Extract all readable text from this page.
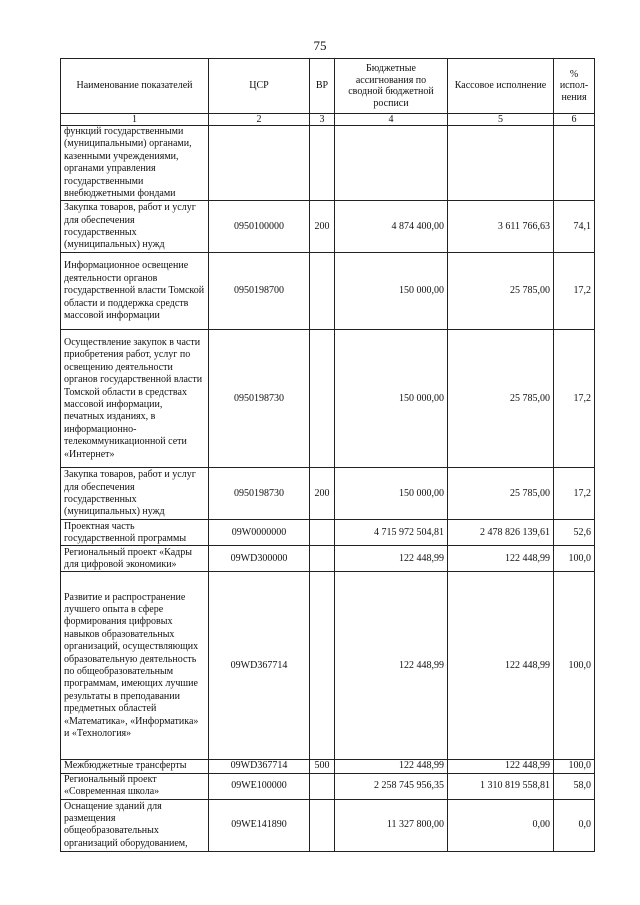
75
Наименование показателей	ЦСР	ВР	Бюджетные ассигнования по сводной бюджетной росписи	Кассовое исполнение	% испол-нения
1	2	3	4	5	6
функций государственными (муниципальными) органами, казенными учреждениями, органами управления государственными внебюджетными фондами					
Закупка товаров, работ и услуг для обеспечения государственных (муниципальных) нужд	0950100000	200	4 874 400,00	3 611 766,63	74,1
Информационное освещение деятельности органов государственной власти Томской области и поддержка средств массовой информации	0950198700		150 000,00	25 785,00	17,2
Осуществление закупок в части приобретения работ, услуг по освещению деятельности органов государственной власти Томской области в средствах массовой информации, печатных изданиях, в информационно-телекоммуникационной сети «Интернет»	0950198730		150 000,00	25 785,00	17,2
Закупка товаров, работ и услуг для обеспечения государственных (муниципальных) нужд	0950198730	200	150 000,00	25 785,00	17,2
Проектная часть государственной программы	09W0000000		4 715 972 504,81	2 478 826 139,61	52,6
Региональный проект «Кадры для цифровой экономики»	09WD300000		122 448,99	122 448,99	100,0
Развитие и распространение лучшего опыта в сфере формирования цифровых навыков образовательных организаций, осуществляющих образовательную деятельность по общеобразовательным программам, имеющих лучшие результаты в преподавании предметных областей «Математика», «Информатика» и «Технология»	09WD367714		122 448,99	122 448,99	100,0
Межбюджетные трансферты	09WD367714	500	122 448,99	122 448,99	100,0
Региональный проект «Современная школа»	09WE100000		2 258 745 956,35	1 310 819 558,81	58,0
Оснащение зданий для размещения общеобразовательных организаций оборудованием,	09WE141890		11 327 800,00	0,00	0,0
